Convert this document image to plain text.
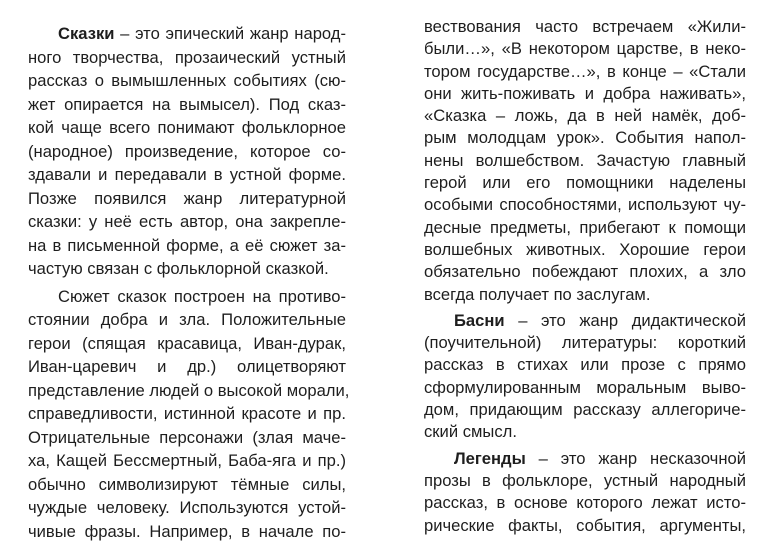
Сказки – это эпический жанр народ-
ного творчества, прозаический устный
рассказ о вымышленных событиях (сю-
жет опирается на вымысел). Под сказ-
кой чаще всего понимают фольклорное
(народное) произведение, которое со-
здавали и передавали в устной форме.
Позже появился жанр литературной
сказки: у неё есть автор, она закрепле-
на в письменной форме, а её сюжет за-
частую связан с фольклорной сказкой.
Сюжет сказок построен на противо-
стоянии добра и зла. Положительные
герои (спящая красавица, Иван-дурак,
Иван-царевич и др.) олицетворяют
представление людей о высокой морали,
справедливости, истинной красоте и пр.
Отрицательные персонажи (злая маче-
ха, Кащей Бессмертный, Баба-яга и пр.)
обычно символизируют тёмные силы,
чуждые человеку. Используются устой-
чивые фразы. Например, в начале по-
вествования часто встречаем «Жили-
были…», «В некотором царстве, в неко-
тором государстве…», в конце – «Стали
они жить-поживать и добра наживать»,
«Сказка – ложь, да в ней намёк, доб-
рым молодцам урок». События напол-
нены волшебством. Зачастую главный
герой или его помощники наделены
особыми способностями, используют чу-
десные предметы, прибегают к помощи
волшебных животных. Хорошие герои
обязательно побеждают плохих, а зло
всегда получает по заслугам.
Басни – это жанр дидактической
(поучительной) литературы: короткий
рассказ в стихах или прозе с прямо
сформулированным моральным выво-
дом, придающим рассказу аллегориче-
ский смысл.
Легенды – это жанр несказочной
прозы в фольклоре, устный народный
рассказ, в основе которого лежат исто-
рические факты, события, аргументы,
